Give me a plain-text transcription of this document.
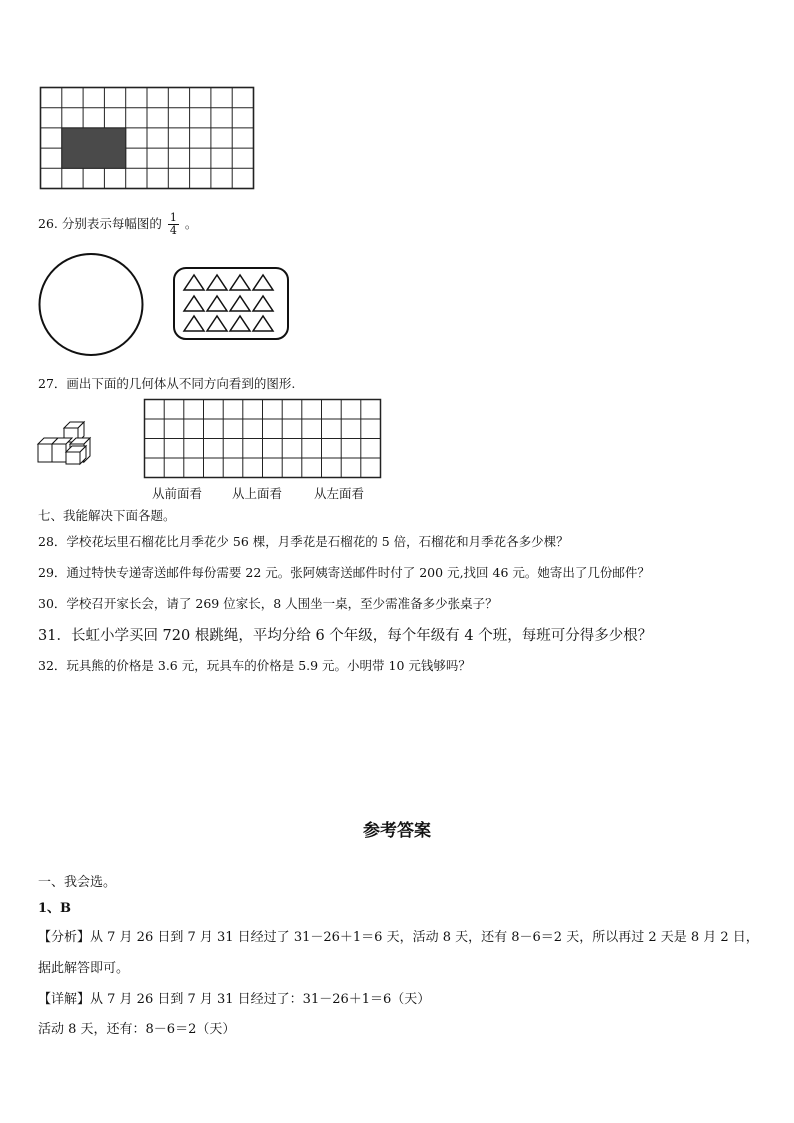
26. 分别表示每幅图的 $\frac{1}{4}$ 。
27．画出下面的几何体从不同方向看到的图形.
从前面看 从上面看	从左面看
七、我能解决下面各题。
28．学校花坛里石榴花比月季花少 56 棵，月季花是石榴花的 5 倍，石榴花和月季花各多少棵？
29．通过特快专递寄送邮件每份需要 22 元。张阿姨寄送邮件时付了 200 元,找回 46 元。她寄出了几份邮件？
30．学校召开家长会，请了 269 位家长，8 人围坐一桌，至少需准备多少张桌子？
31．长虹小学买回 720 根跳绳，平均分给 6 个年级，每个年级有 4 个班，每班可分得多少根？
32．玩具熊的价格是 3.6 元，玩具车的价格是 5.9 元。小明带 10 元钱够吗？
参考答案
一、我会选。
1、B
【分析】从 7 月 26 日到 7 月 31 日经过了 31－26＋1＝6 天，活动 8 天，还有 8－6＝2 天，所以再过 2 天是 8 月 2 日，
据此解答即可。
【详解】从 7 月 26 日到 7 月 31 日经过了：31－26＋1＝6（天）
活动 8 天，还有：8－6＝2（天）
